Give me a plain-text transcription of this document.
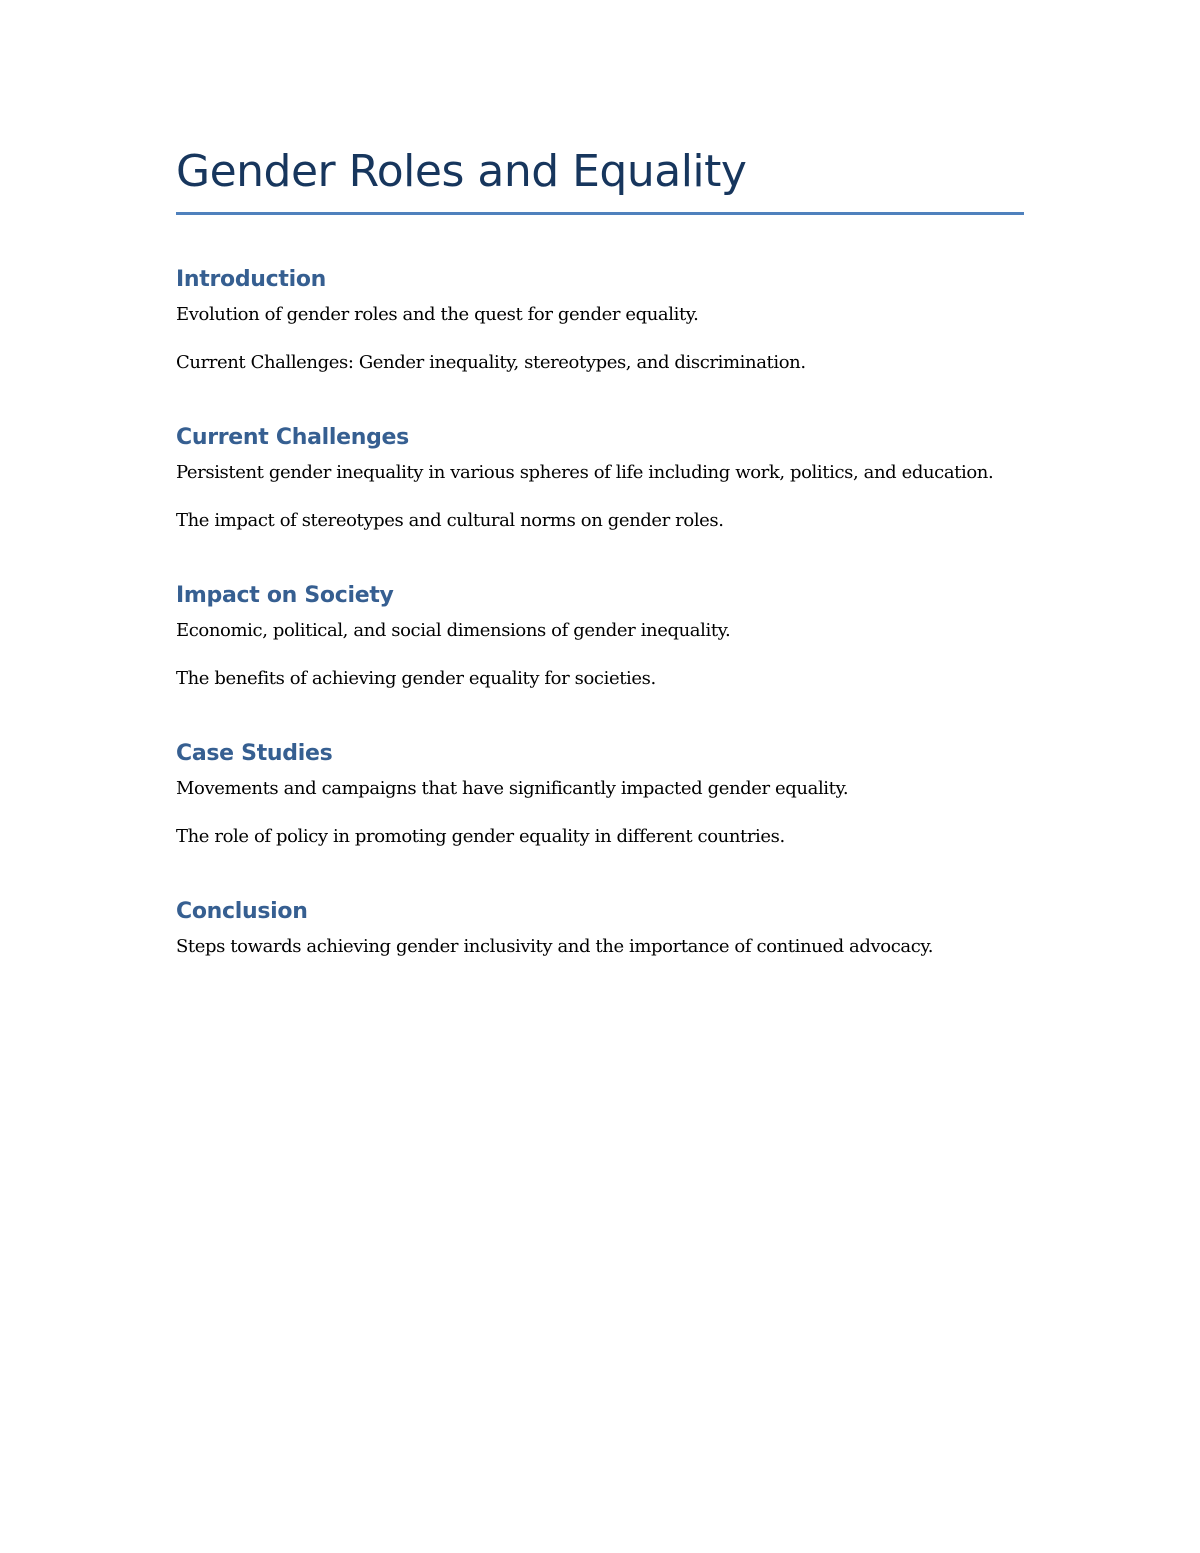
Gender Roles and Equality
Introduction

Evolution of gender roles and the quest for gender equality.

Current Challenges: Gender inequality, stereotypes, and discrimination.

Current Challenges

Persistent gender inequality in various spheres of life including work, politics, and education.

The impact of stereotypes and cultural norms on gender roles.

Impact on Society

Economic, political, and social dimensions of gender inequality.

The benefits of achieving gender equality for societies.

Case Studies

Movements and campaigns that have significantly impacted gender equality.

The role of policy in promoting gender equality in different countries.

Conclusion

Steps towards achieving gender inclusivity and the importance of continued advocacy.
